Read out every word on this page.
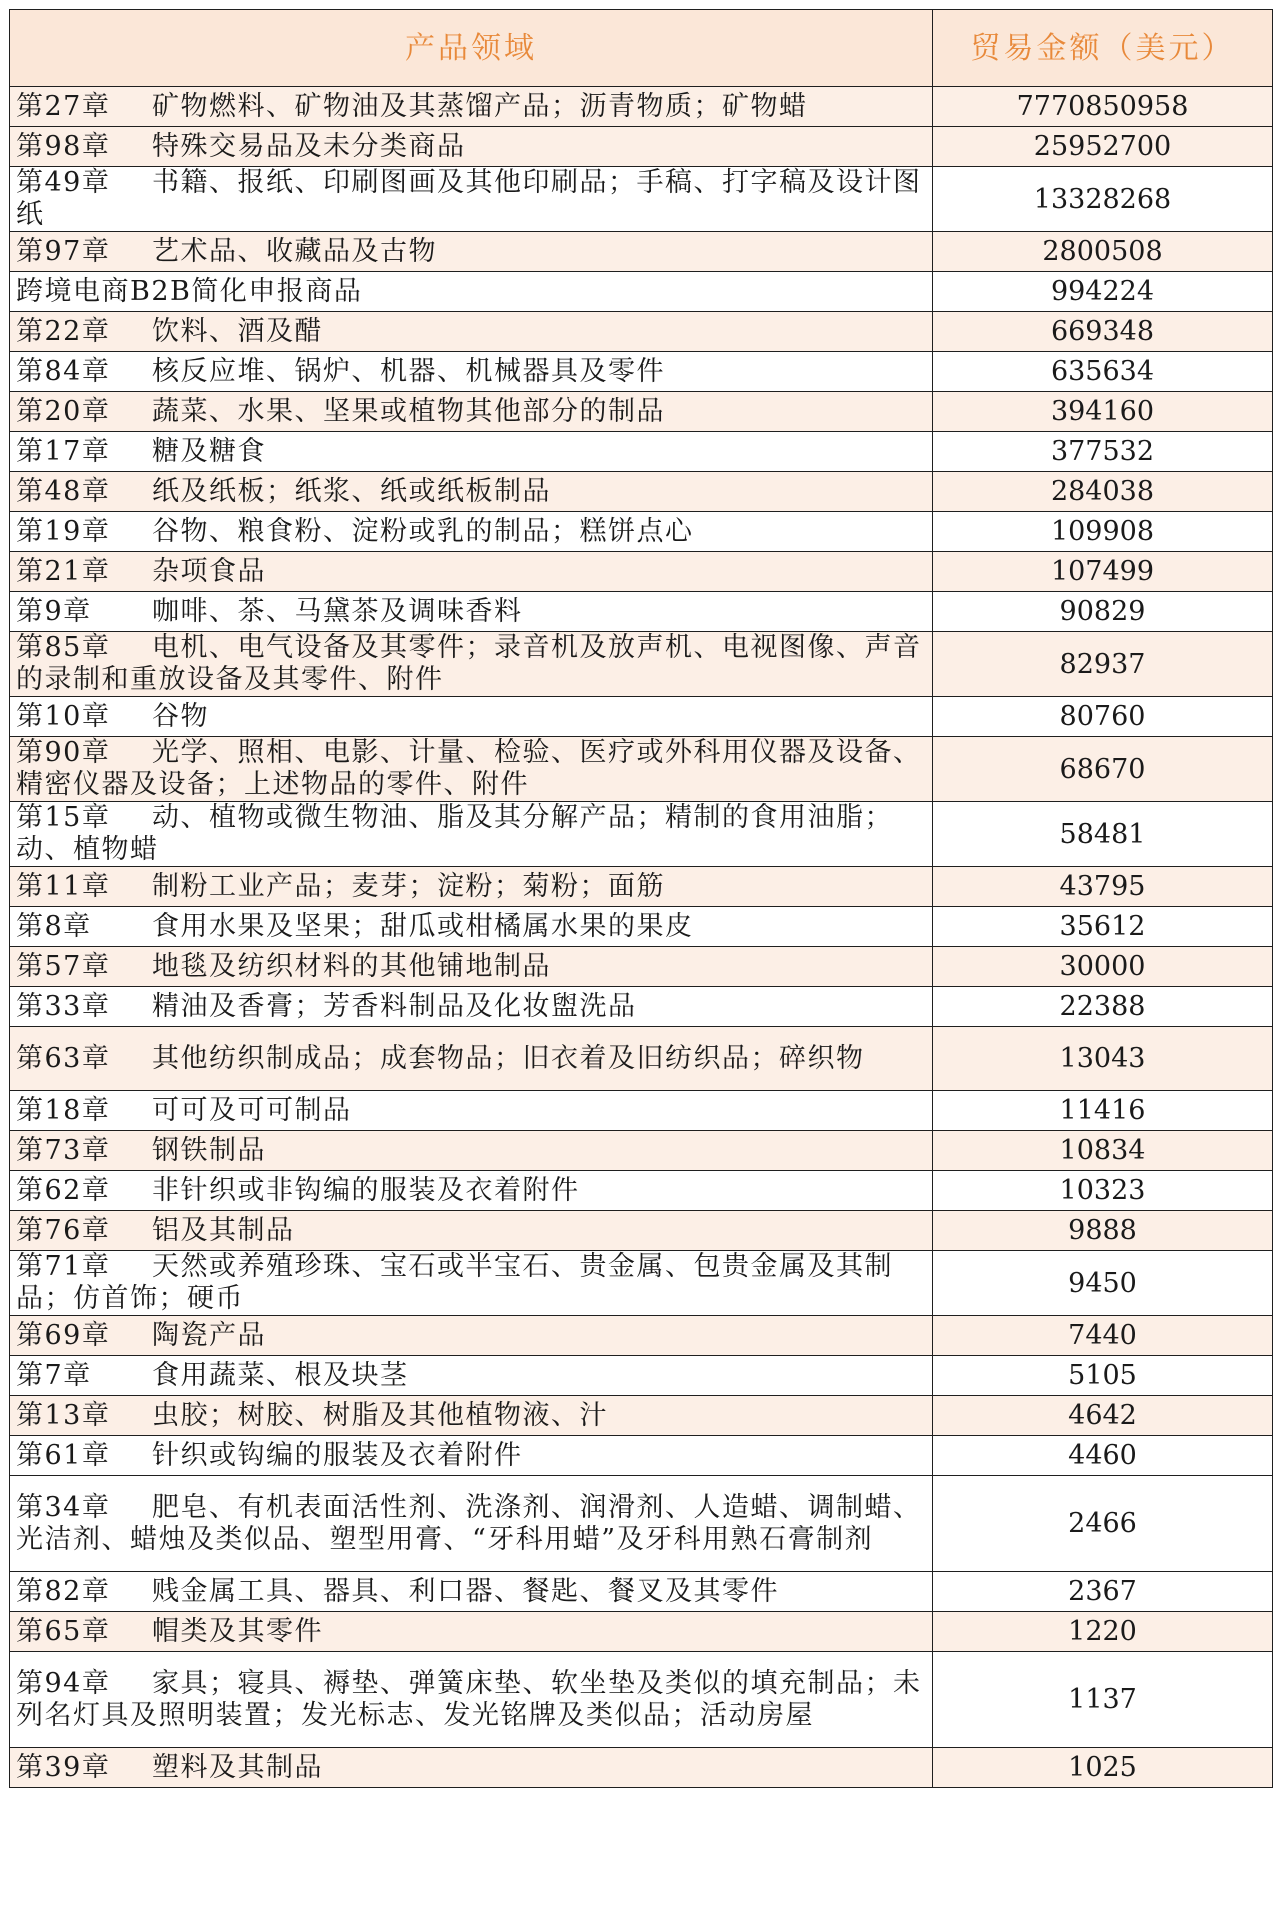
产品领域	贸易金额（美元）
第27章 矿物燃料、矿物油及其蒸馏产品；沥青物质；矿物蜡	7770850958
第98章 特殊交易品及未分类商品	25952700
第49章 书籍、报纸、印刷图画及其他印刷品；手稿、打字稿及设计图纸	13328268
第97章 艺术品、收藏品及古物	2800508
跨境电商B2B简化申报商品	994224
第22章 饮料、酒及醋	669348
第84章 核反应堆、锅炉、机器、机械器具及零件	635634
第20章 蔬菜、水果、坚果或植物其他部分的制品	394160
第17章 糖及糖食	377532
第48章 纸及纸板；纸浆、纸或纸板制品	284038
第19章 谷物、粮食粉、淀粉或乳的制品；糕饼点心	109908
第21章 杂项食品	107499
第9章 咖啡、茶、马黛茶及调味香料	90829
第85章 电机、电气设备及其零件；录音机及放声机、电视图像、声音的录制和重放设备及其零件、附件	82937
第10章 谷物	80760
第90章 光学、照相、电影、计量、检验、医疗或外科用仪器及设备、精密仪器及设备；上述物品的零件、附件	68670
第15章 动、植物或微生物油、脂及其分解产品；精制的食用油脂；动、植物蜡	58481
第11章 制粉工业产品；麦芽；淀粉；菊粉；面筋	43795
第8章 食用水果及坚果；甜瓜或柑橘属水果的果皮	35612
第57章 地毯及纺织材料的其他铺地制品	30000
第33章 精油及香膏；芳香料制品及化妆盥洗品	22388
第63章 其他纺织制成品；成套物品；旧衣着及旧纺织品；碎织物	13043
第18章 可可及可可制品	11416
第73章 钢铁制品	10834
第62章 非针织或非钩编的服装及衣着附件	10323
第76章 铝及其制品	9888
第71章 天然或养殖珍珠、宝石或半宝石、贵金属、包贵金属及其制品；仿首饰；硬币	9450
第69章 陶瓷产品	7440
第7章 食用蔬菜、根及块茎	5105
第13章 虫胶；树胶、树脂及其他植物液、汁	4642
第61章 针织或钩编的服装及衣着附件	4460
第34章 肥皂、有机表面活性剂、洗涤剂、润滑剂、人造蜡、调制蜡、光洁剂、蜡烛及类似品、塑型用膏、“牙科用蜡”及牙科用熟石膏制剂	2466
第82章 贱金属工具、器具、利口器、餐匙、餐叉及其零件	2367
第65章 帽类及其零件	1220
第94章 家具；寝具、褥垫、弹簧床垫、软坐垫及类似的填充制品；未列名灯具及照明装置；发光标志、发光铭牌及类似品；活动房屋	1137
第39章 塑料及其制品	1025
